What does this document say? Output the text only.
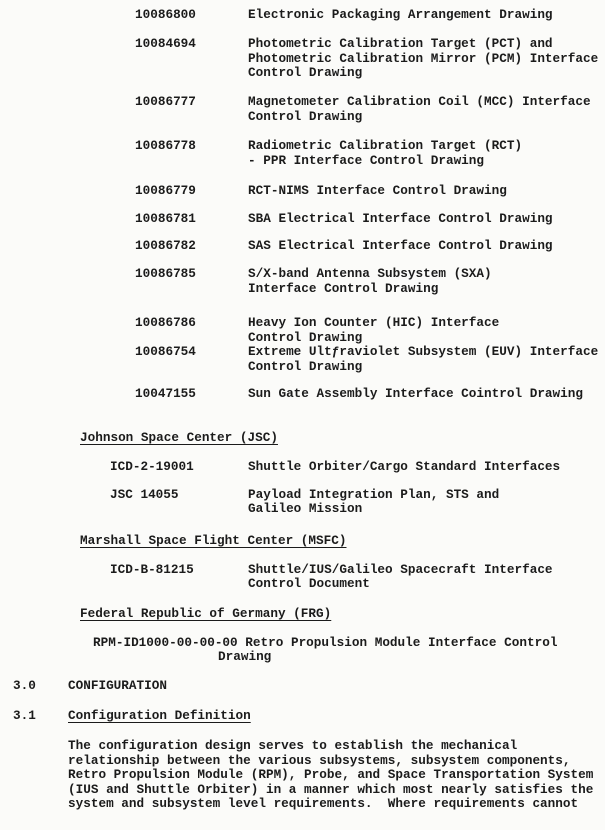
10086800	Electronic Packaging Arrangement Drawing
10084694	Photometric Calibration Target (PCT) and
Photometric Calibration Mirror (PCM) Interface
Control Drawing
10086777	Magnetometer Calibration Coil (MCC) Interface
Control Drawing
10086778	Radiometric Calibration Target (RCT)
- PPR Interface Control Drawing
10086779	RCT-NIMS Interface Control Drawing
10086781	SBA Electrical Interface Control Drawing
10086782	SAS Electrical Interface Control Drawing
10086785	S/X-band Antenna Subsystem (SXA)
Interface Control Drawing
10086786	Heavy Ion Counter (HIC) Interface
Control Drawing
10086754	Extreme Ultƒraviolet Subsystem (EUV) Interface
Control Drawing
10047155	Sun Gate Assembly Interface Cointrol Drawing
Johnson Space Center (JSC)
ICD-2-19001	Shuttle Orbiter/Cargo Standard Interfaces
JSC 14055	Payload Integration Plan, STS and
Galileo Mission
Marshall Space Flight Center (MSFC)
ICD-B-81215	Shuttle/IUS/Galileo Spacecraft Interface
Control Document
Federal Republic of Germany (FRG)
RPM-ID1000-00-00-00 Retro Propulsion Module Interface Control
Drawing
3.0	CONFIGURATION
3.1	Configuration Definition
The configuration design serves to establish the mechanical
relationship between the various subsystems, subsystem components,
Retro Propulsion Module (RPM), Probe, and Space Transportation System
(IUS and Shuttle Orbiter) in a manner which most nearly satisfies the
system and subsystem level requirements.  Where requirements cannot
